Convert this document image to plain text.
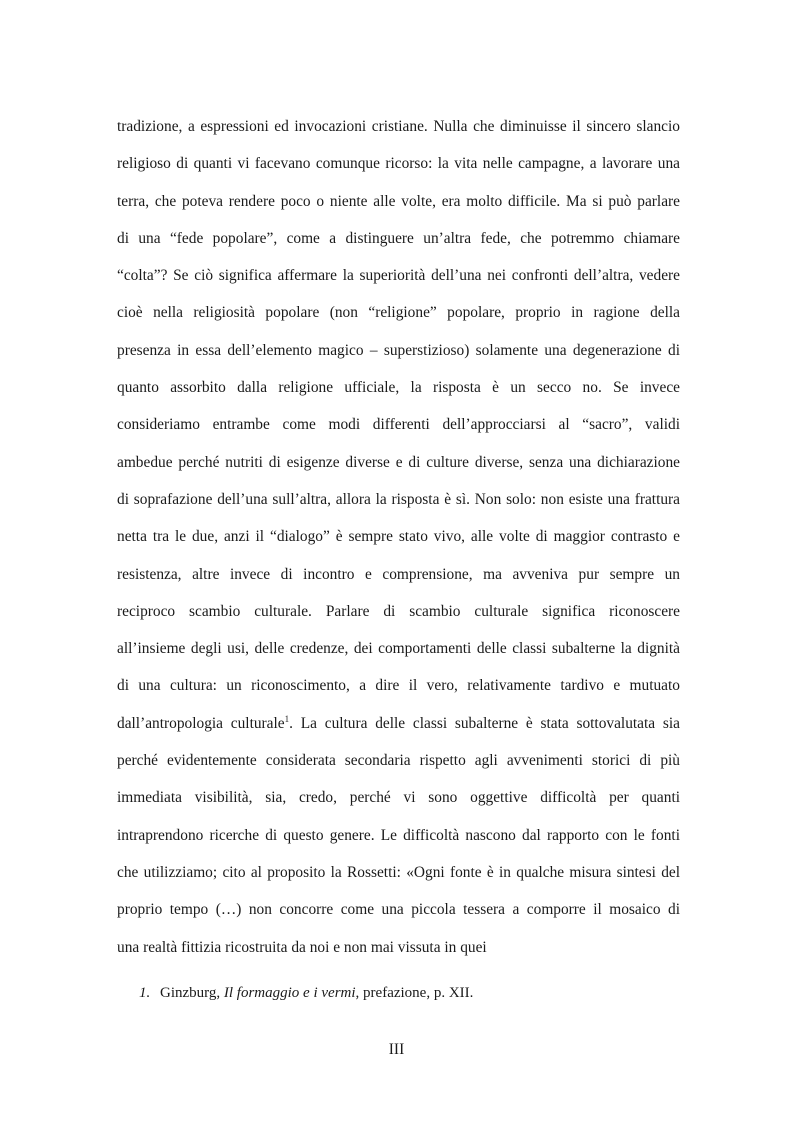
tradizione, a espressioni ed invocazioni cristiane. Nulla che diminuisse il sincero slancio
religioso di quanti vi facevano comunque ricorso: la vita nelle campagne, a lavorare una
terra, che poteva rendere poco o niente alle volte, era molto difficile. Ma si può parlare
di una “fede popolare”, come a distinguere un’altra fede, che potremmo chiamare
“colta”? Se ciò significa affermare la superiorità dell’una nei confronti dell’altra, vedere
cioè nella religiosità popolare (non “religione” popolare, proprio in ragione della
presenza in essa dell’elemento magico – superstizioso) solamente una degenerazione di
quanto assorbito dalla religione ufficiale, la risposta è un secco no. Se invece
consideriamo entrambe come modi differenti dell’approcciarsi al “sacro”, validi
ambedue perché nutriti di esigenze diverse e di culture diverse, senza una dichiarazione
di soprafazione dell’una sull’altra, allora la risposta è sì. Non solo: non esiste una frattura
netta tra le due, anzi il “dialogo” è sempre stato vivo, alle volte di maggior contrasto e
resistenza, altre invece di incontro e comprensione, ma avveniva pur sempre un
reciproco scambio culturale. Parlare di scambio culturale significa riconoscere
all’insieme degli usi, delle credenze, dei comportamenti delle classi subalterne la dignità
di una cultura: un riconoscimento, a dire il vero, relativamente tardivo e mutuato
dall’antropologia culturale$^1$. La cultura delle classi subalterne è stata sottovalutata sia
perché evidentemente considerata secondaria rispetto agli avvenimenti storici di più
immediata visibilità, sia, credo, perché vi sono oggettive difficoltà per quanti
intraprendono ricerche di questo genere. Le difficoltà nascono dal rapporto con le fonti
che utilizziamo; cito al proposito la Rossetti: «Ogni fonte è in qualche misura sintesi del
proprio tempo (…) non concorre come una piccola tessera a comporre il mosaico di
una realtà fittizia ricostruita da noi e non mai vissuta in quei
1. Ginzburg, Il formaggio e i vermi, prefazione, p. XII.
III
